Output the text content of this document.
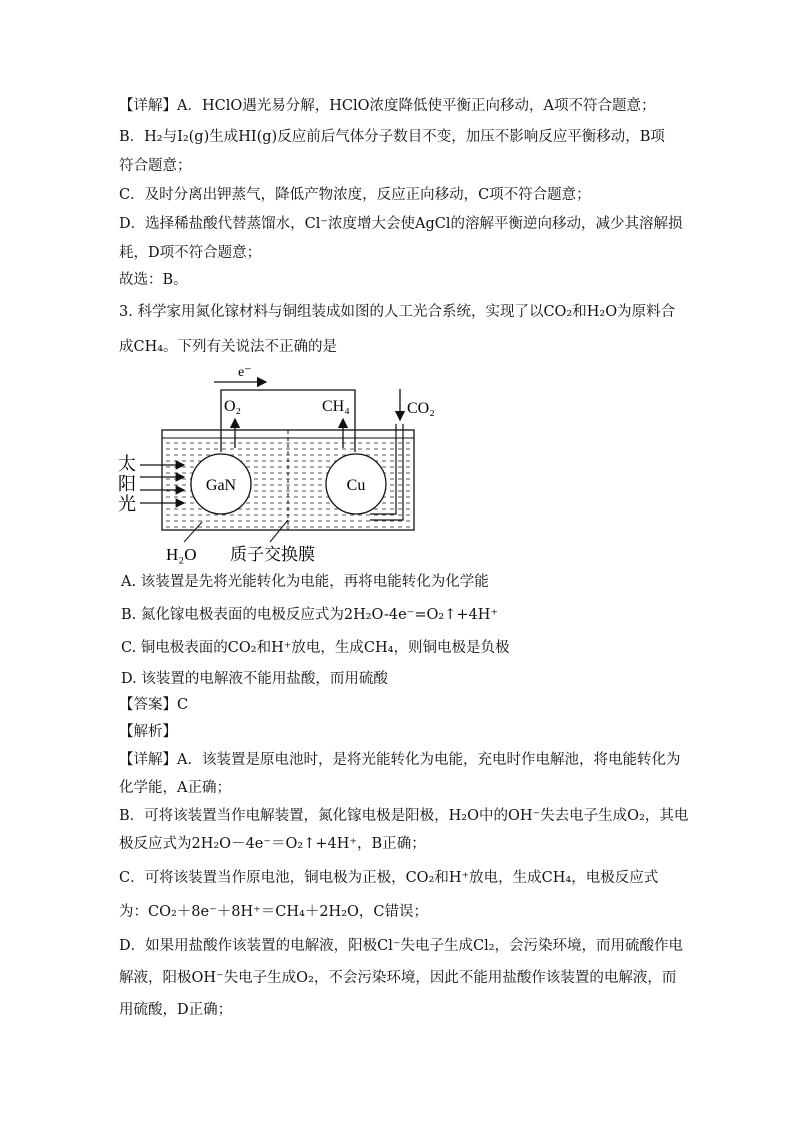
【详解】A．HClO遇光易分解，HClO浓度降低使平衡正向移动，A项不符合题意；
B．H₂与I₂(g)生成HI(g)反应前后气体分子数目不变，加压不影响反应平衡移动，B项
符合题意；
C．及时分离出钾蒸气，降低产物浓度，反应正向移动，C项不符合题意；
D．选择稀盐酸代替蒸馏水，Cl⁻浓度增大会使AgCl的溶解平衡逆向移动，减少其溶解损
耗，D项不符合题意；
故选：B。
3. 科学家用氮化镓材料与铜组装成如图的人工光合系统，实现了以CO₂和H₂O为原料合
成CH₄。下列有关说法不正确的是
e⁻
O₂	CH₄	CO₂
GaN	Cu
太
阳
光
H₂O 质子交换膜
A. 该装置是先将光能转化为电能，再将电能转化为化学能
B. 氮化镓电极表面的电极反应式为2H₂O-4e⁻=O₂↑+4H⁺
C. 铜电极表面的CO₂和H⁺放电，生成CH₄，则铜电极是负极
D. 该装置的电解液不能用盐酸，而用硫酸
【答案】C
【解析】
【详解】A．该装置是原电池时，是将光能转化为电能，充电时作电解池，将电能转化为
化学能，A正确；
B．可将该装置当作电解装置，氮化镓电极是阳极，H₂O中的OH⁻失去电子生成O₂，其电
极反应式为2H₂O－4e⁻＝O₂↑+4H⁺，B正确；
C．可将该装置当作原电池，铜电极为正极，CO₂和H⁺放电，生成CH₄，电极反应式
为：CO₂＋8e⁻＋8H⁺＝CH₄＋2H₂O，C错误；
D．如果用盐酸作该装置的电解液，阳极Cl⁻失电子生成Cl₂，会污染环境，而用硫酸作电
解液，阳极OH⁻失电子生成O₂，不会污染环境，因此不能用盐酸作该装置的电解液，而
用硫酸，D正确；
